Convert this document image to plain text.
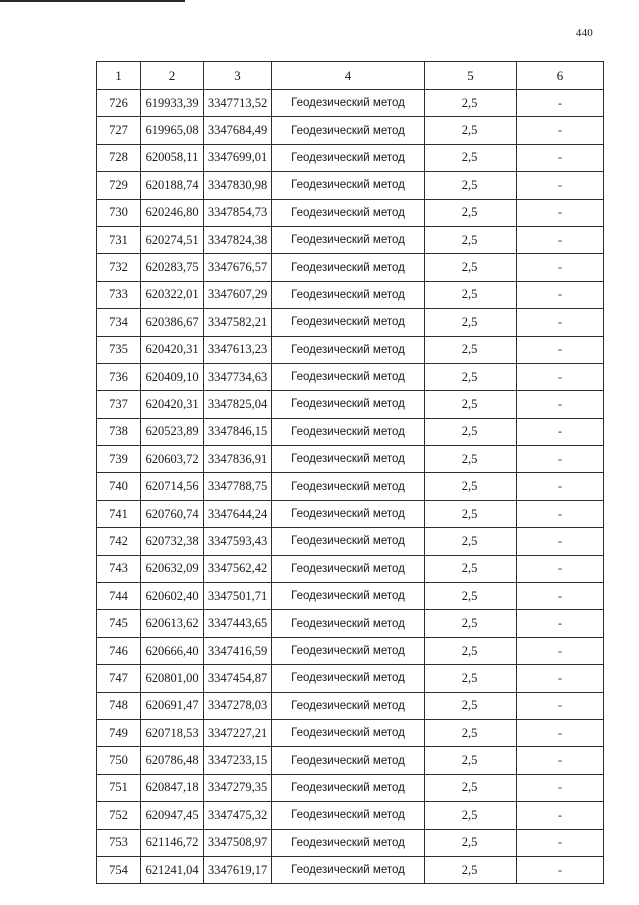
440
1	2	3	4	5	6
726	619933,39	3347713,52	Геодезический метод	2,5	-
727	619965,08	3347684,49	Геодезический метод	2,5	-
728	620058,11	3347699,01	Геодезический метод	2,5	-
729	620188,74	3347830,98	Геодезический метод	2,5	-
730	620246,80	3347854,73	Геодезический метод	2,5	-
731	620274,51	3347824,38	Геодезический метод	2,5	-
732	620283,75	3347676,57	Геодезический метод	2,5	-
733	620322,01	3347607,29	Геодезический метод	2,5	-
734	620386,67	3347582,21	Геодезический метод	2,5	-
735	620420,31	3347613,23	Геодезический метод	2,5	-
736	620409,10	3347734,63	Геодезический метод	2,5	-
737	620420,31	3347825,04	Геодезический метод	2,5	-
738	620523,89	3347846,15	Геодезический метод	2,5	-
739	620603,72	3347836,91	Геодезический метод	2,5	-
740	620714,56	3347788,75	Геодезический метод	2,5	-
741	620760,74	3347644,24	Геодезический метод	2,5	-
742	620732,38	3347593,43	Геодезический метод	2,5	-
743	620632,09	3347562,42	Геодезический метод	2,5	-
744	620602,40	3347501,71	Геодезический метод	2,5	-
745	620613,62	3347443,65	Геодезический метод	2,5	-
746	620666,40	3347416,59	Геодезический метод	2,5	-
747	620801,00	3347454,87	Геодезический метод	2,5	-
748	620691,47	3347278,03	Геодезический метод	2,5	-
749	620718,53	3347227,21	Геодезический метод	2,5	-
750	620786,48	3347233,15	Геодезический метод	2,5	-
751	620847,18	3347279,35	Геодезический метод	2,5	-
752	620947,45	3347475,32	Геодезический метод	2,5	-
753	621146,72	3347508,97	Геодезический метод	2,5	-
754	621241,04	3347619,17	Геодезический метод	2,5	-
